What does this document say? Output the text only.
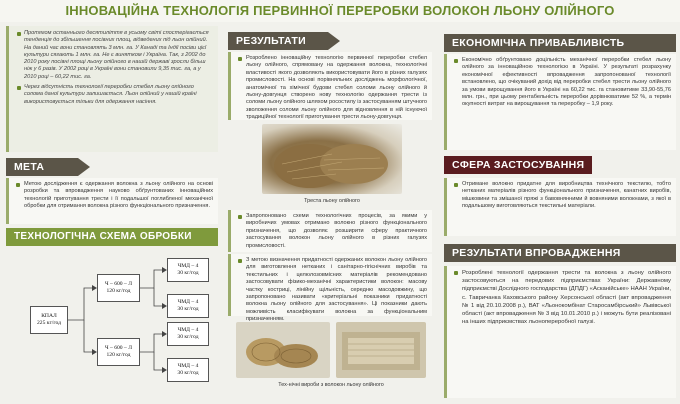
ІННОВАЦІЙНА ТЕХНОЛОГІЯ ПЕРВИННОЇ ПЕРЕРОБКИ ВОЛОКОН ЛЬОНУ ОЛІЙНОГО

Протягом останнього десятиліття в усьому світі спостерігається тенденція до збільшення посівних площ, відведених під льон олійний. На даний час вони становлять 3 млн. га. У Канаді та Індії посіви цієї культури сягають 1 млн. га. Не є винятком і Україна. Так, з 2002 до 2010 року посівні площі льону олійного в нашій державі зросли більш ніж у 6 разів. У 2002 році в Україні вони становили 9,35 тис. га, а у 2010 році – 60,22 тис. га.

Через відсутність технології переробки стебел льону олійного солома даної культури залишається. Льон олійний у нашій країні використовується тільки для одержання насіння.

МЕТА

Метою дослідження є одержання волокна з льону олійного на основі розробки та впровадження науково обґрунтованих інноваційних технологій приготування трести і її подальшої поглибленої механічної обробки для отримання волокна різного функціонального призначення.

ТЕХНОЛОГІЧНА СХЕМА ОБРОБКИ
КПАЛ
225 кг/год
Ч – 600 – Л
120 кг/год
Ч – 600 – Л
120 кг/год
ЧМД – 4
30 кг/год
ЧМД – 4
30 кг/год
ЧМД – 4
30 кг/год
ЧМД – 4
30 кг/год
РЕЗУЛЬТАТИ

Розроблено інноваційну технологію первинної переробки стебел льону олійного, спрямовану на одержання волокна, технологічні властивості якого дозволяють використовувати його в різних галузях промисловості. На основі порівняльних досліджень морфологічної, анатомічної та хімічної будови стебел соломи льону олійного й льону-довгунця створено нову технологію одержання трести із соломи льону олійного шляхом росостилу із застосуванням штучного зволоження соломи льону олійного для відновлення в ній існуючої традиційної технології приготування трести льону-довгунця.

Треста льону олійного

Запропоновано схеми технологічних процесів, за якими у виробничих умовах отримано волокно різного функціонального призначення, що дозволяє розширити сферу практичного застосування волокон льону олійного в різних галузях промисловості.

З метою визначення придатності одержаних волокон льону олійного для виготовлення нетканих і санітарно-гігієнічних виробів та текстильних і целюлозовмісних матеріалів рекомендовано застосовувати фізико-механічні характеристики волокон: масову частку костриці, лінійну щільність, середню масодовжину, що запропоновано називати «критеріальні показники придатності волокна льону олійного для застосування». Ці показники дають можливість класифікувати волокна за функціональним призначенням.

Тех-нічні вироби з волокон льону олійного
ЕКОНОМІЧНА ПРИВАБЛИВІСТЬ

Економічно обґрунтовано доцільність механічної переробки стебел льону олійного за інноваційною технологією в Україні. У результаті розрахунку економічної ефективності впровадження запропонованої технології встановлено, що очікуваний дохід від переробки стебел трести льону олійного за умови вирощування його в Україні на 60,22 тис. га становитиме 33,90-55,76 млн. грн., при цьому рентабельність переробки дорівнюватиме 52 %, а термін окупності витрат на вирощування та переробку – 1,9 року.

СФЕРА ЗАСТОСУВАННЯ

Отримане волокно придатне для виробництва технічного текстилю, тобто нетканих матеріалів різного функціонального призначення, канатних виробів, мішковини та змішаної пряжі з бавовнянними й вовняними волокнами, з якої в подальшому виготовляються текстильні матеріали.

РЕЗУЛЬТАТИ ВПРОВАДЖЕННЯ

Розроблені технології одержання трести та волокна з льону олійного застосовуються на передових підприємствах України: Державному підприємстві Дослідного господарства (ДПДГ) «Асканійське» НААН України, с. Тавричанка Каховського району Херсонської області (акт впровадження № 1 від 20.10.2008 р.), ВАТ «Льонокомбінат Старосамбірський» Львівської області (акт впровадження № 3 від 10.01.2010 р.) і можуть бути реалізовані на інших підприємствах льонопереробної галузі.
